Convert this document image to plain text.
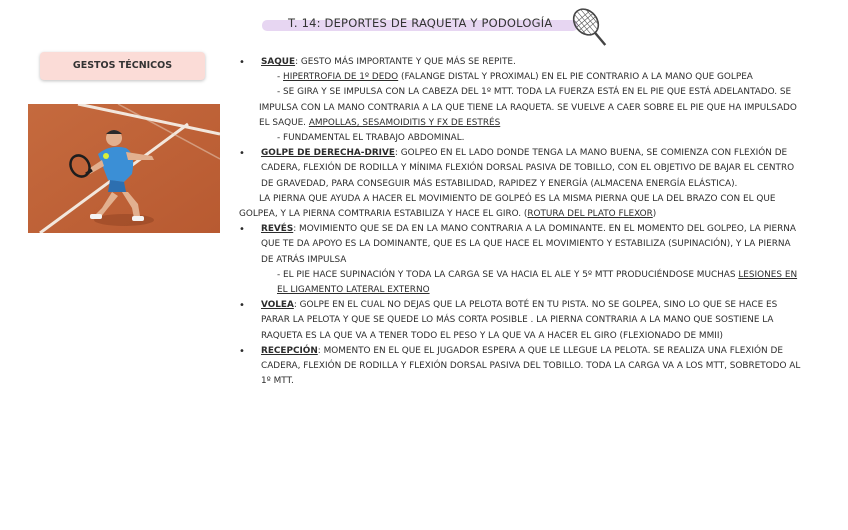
T. 14: DEPORTES DE RAQUETA Y PODOLOGÍA
GESTOS TÉCNICOS

•	SAQUE: GESTO MÁS IMPORTANTE Y QUE MÁS SE REPITE.

- HIPERTROFIA DE 1º DEDO (FALANGE DISTAL Y PROXIMAL) EN EL PIE CONTRARIO A LA MANO QUE GOLPEA

- SE GIRA Y SE IMPULSA CON LA CABEZA DEL 1º MTT. TODA LA FUERZA ESTÁ EN EL PIE QUE ESTÁ ADELANTADO. SE IMPULSA CON LA MANO CONTRARIA A LA QUE TIENE LA RAQUETA. SE VUELVE A CAER SOBRE EL PIE QUE HA IMPULSADO EL SAQUE. AMPOLLAS, SESAMOIDITIS Y FX DE ESTRÉS

- FUNDAMENTAL EL TRABAJO ABDOMINAL.

• GOLPE DE DERECHA-DRIVE: GOLPEO EN EL LADO DONDE TENGA LA MANO BUENA, SE COMIENZA CON FLEXIÓN DE CADERA, FLEXIÓN DE RODILLA Y MÍNIMA FLEXIÓN DORSAL PASIVA DE TOBILLO, CON EL OBJETIVO DE BAJAR EL CENTRO DE GRAVEDAD, PARA CONSEGUIR MÁS ESTABILIDAD, RAPIDEZ Y ENERGÍA (ALMACENA ENERGÍA ELÁSTICA).

LA PIERNA QUE AYUDA A HACER EL MOVIMIENTO DE GOLPEÓ ES LA MISMA PIERNA QUE LA DEL BRAZO CON EL QUE GOLPEA, Y LA PIERNA COMTRARIA ESTABILIZA Y HACE EL GIRO. (ROTURA DEL PLATO FLEXOR)

• REVÉS: MOVIMIENTO QUE SE DA EN LA MANO CONTRARIA A LA DOMINANTE. EN EL MOMENTO DEL GOLPEO, LA PIERNA QUE TE DA APOYO ES LA DOMINANTE, QUE ES LA QUE HACE EL MOVIMIENTO Y ESTABILIZA (SUPINACIÓN), Y LA PIERNA DE ATRÁS IMPULSA

- EL PIE HACE SUPINACIÓN Y TODA LA CARGA SE VA HACIA EL ALE Y 5º MTT PRODUCIÉNDOSE MUCHAS LESIONES EN EL LIGAMENTO LATERAL EXTERNO

• VOLEA: GOLPE EN EL CUAL NO DEJAS QUE LA PELOTA BOTÉ EN TU PISTA. NO SE GOLPEA, SINO LO QUE SE HACE ES PARAR LA PELOTA Y QUE SE QUEDE LO MÁS CORTA POSIBLE . LA PIERNA CONTRARIA A LA MANO QUE SOSTIENE LA RAQUETA ES LA QUE VA A TENER TODO EL PESO Y LA QUE VA A HACER EL GIRO (FLEXIONADO DE MMII)

• RECEPCIÓN: MOMENTO EN EL QUE EL JUGADOR ESPERA A QUE LE LLEGUE LA PELOTA. SE REALIZA UNA FLEXIÓN DE CADERA, FLEXIÓN DE RODILLA Y FLEXIÓN DORSAL PASIVA DEL TOBILLO. TODA LA CARGA VA A LOS MTT, SOBRETODO AL 1º MTT.
